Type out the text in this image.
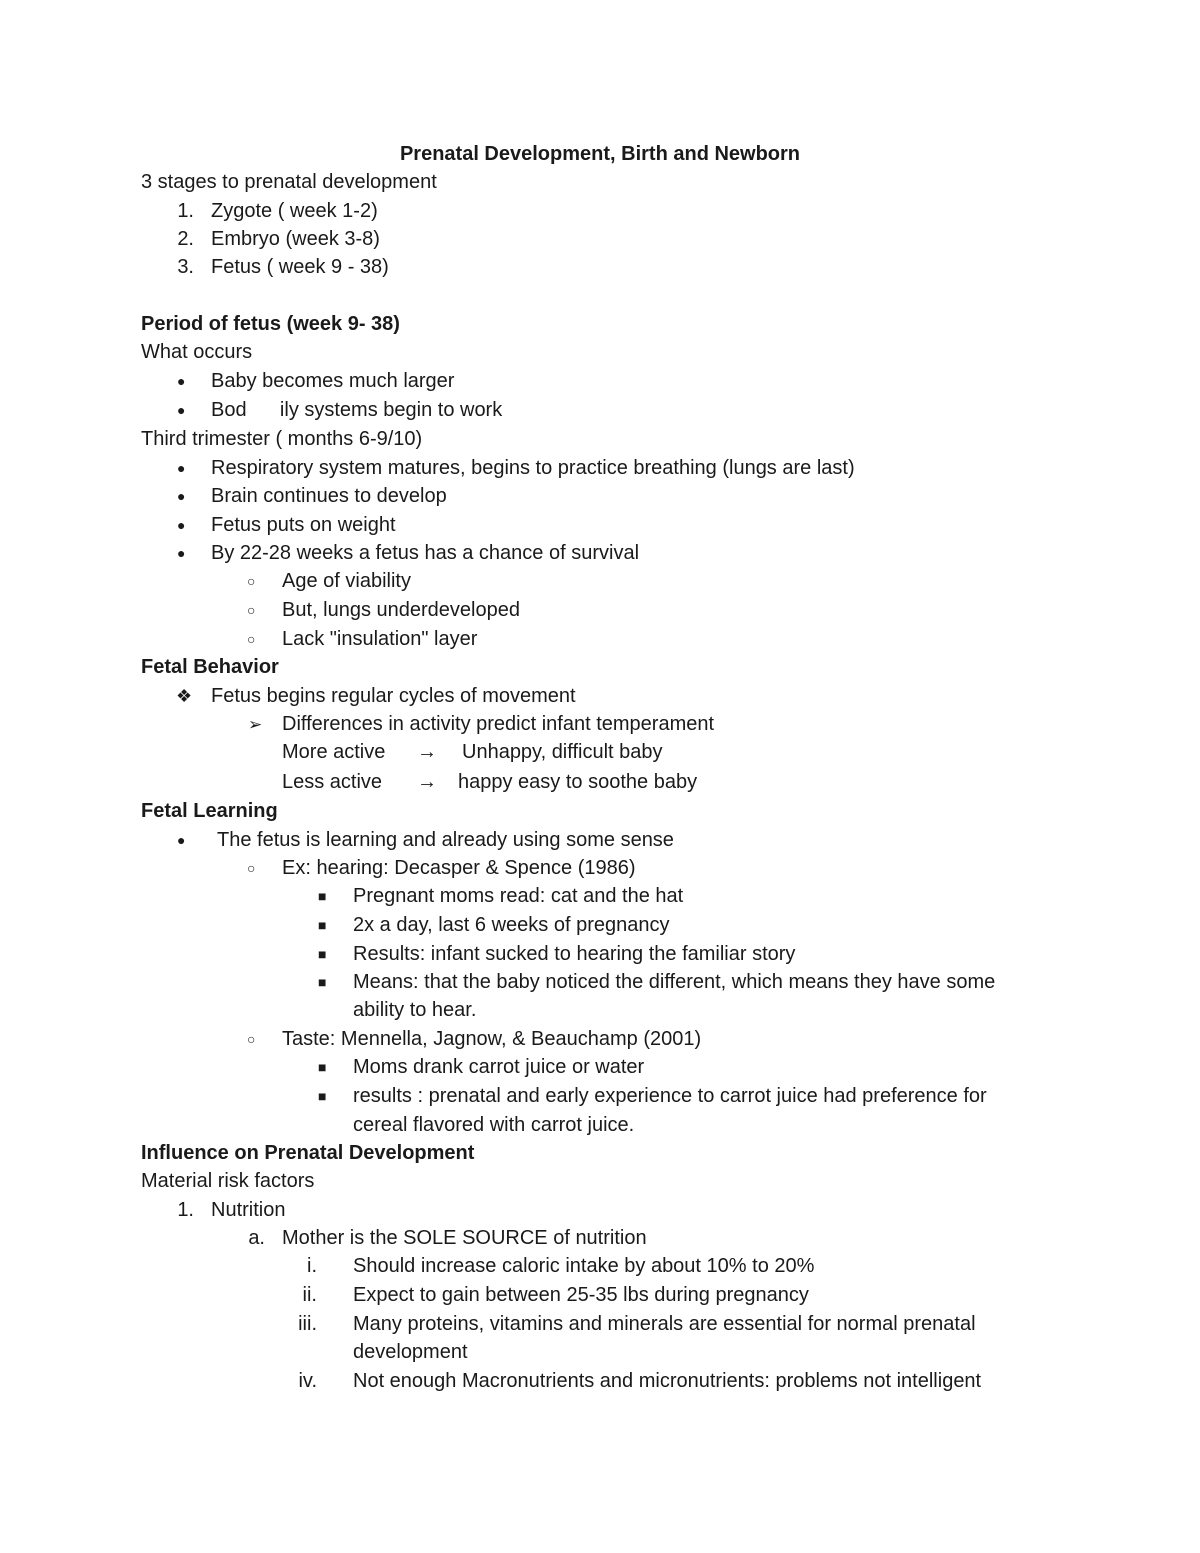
Prenatal Development, Birth and Newborn
3 stages to prenatal development
1. Zygote ( week 1-2)
2. Embryo (week 3-8)
3. Fetus ( week 9 - 38)
Period of fetus (week 9- 38)
What occurs
● Baby becomes much larger
● Bod      ily systems begin to work
Third trimester ( months 6-9/10)
● Respiratory system matures, begins to practice breathing (lungs are last)
● Brain continues to develop
● Fetus puts on weight
● By 22-28 weeks a fetus has a chance of survival
○ Age of viability
○ But, lungs underdeveloped
○ Lack "insulation" layer
Fetal Behavior
❖ Fetus begins regular cycles of movement
➢ Differences in activity predict infant temperament
More active → Unhappy, difficult baby
Less active → happy easy to soothe baby
Fetal Learning
● The fetus is learning and already using some sense
○ Ex: hearing: Decasper & Spence (1986)
■ Pregnant moms read: cat and the hat
■ 2x a day, last 6 weeks of pregnancy
■ Results: infant sucked to hearing the familiar story
■ Means: that the baby noticed the different, which means they have some
ability to hear.
○ Taste: Mennella, Jagnow, & Beauchamp (2001)
■ Moms drank carrot juice or water
■ results : prenatal and early experience to carrot juice had preference for
cereal flavored with carrot juice.
Influence on Prenatal Development
Material risk factors
1. Nutrition
a. Mother is the SOLE SOURCE of nutrition
i. Should increase caloric intake by about 10% to 20%
ii. Expect to gain between 25-35 lbs during pregnancy
iii. Many proteins, vitamins and minerals are essential for normal prenatal
development
iv. Not enough Macronutrients and micronutrients: problems not intelligent
